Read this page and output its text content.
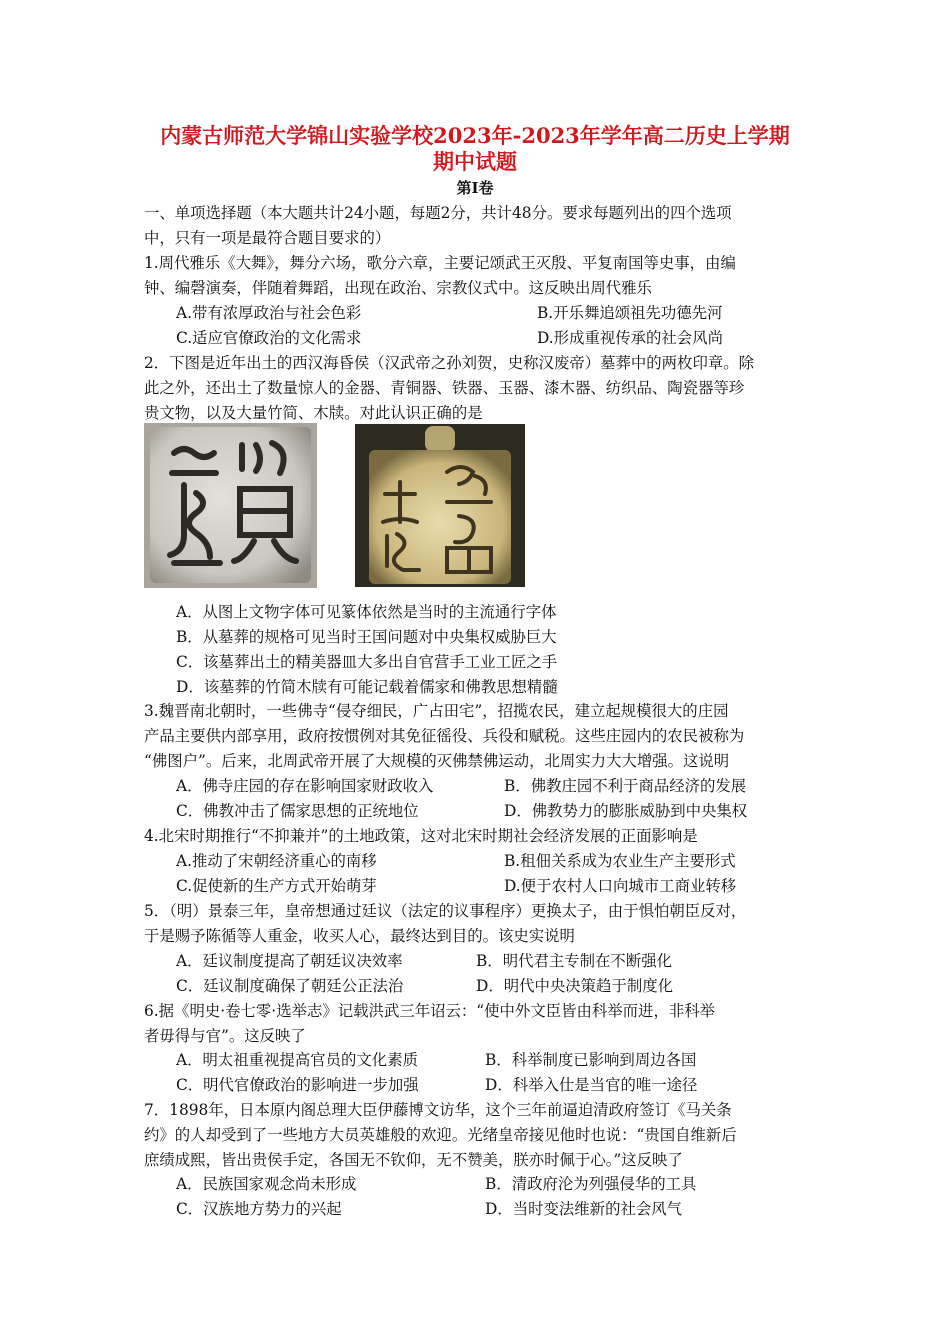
内蒙古师范大学锦山实验学校2023年-2023年学年高二历史上学期
期中试题
第Ⅰ卷
一、单项选择题（本大题共计24小题，每题2分，共计48分。要求每题列出的四个选项
中，只有一项是最符合题目要求的）
1.周代雅乐《大舞》，舞分六场，歌分六章，主要记颂武王灭殷、平复南国等史事，由编
钟、编磬演奏，伴随着舞蹈，出现在政治、宗教仪式中。这反映出周代雅乐
A.带有浓厚政治与社会色彩	B.开乐舞追颂祖先功德先河
C.适应官僚政治的文化需求	D.形成重视传承的社会风尚
2．下图是近年出土的西汉海昏侯（汉武帝之孙刘贺，史称汉废帝）墓葬中的两枚印章。除
此之外，还出土了数量惊人的金器、青铜器、铁器、玉器、漆木器、纺织品、陶瓷器等珍
贵文物，以及大量竹简、木牍。对此认识正确的是
A．从图上文物字体可见篆体依然是当时的主流通行字体
B．从墓葬的规格可见当时王国问题对中央集权威胁巨大
C．该墓葬出土的精美器皿大多出自官营手工业工匠之手
D．该墓葬的竹简木牍有可能记载着儒家和佛教思想精髓
3.魏晋南北朝时，一些佛寺“侵夺细民，广占田宅”，招揽农民，建立起规模很大的庄园
产品主要供内部享用，政府按惯例对其免征徭役、兵役和赋税。这些庄园内的农民被称为
“佛图户”。后来，北周武帝开展了大规模的灭佛禁佛运动，北周实力大大增强。这说明
A．佛寺庄园的存在影响国家财政收入	B．佛教庄园不利于商品经济的发展
C．佛教冲击了儒家思想的正统地位	D．佛教势力的膨胀威胁到中央集权
4.北宋时期推行“不抑兼并”的土地政策，这对北宋时期社会经济发展的正面影响是
A.推动了宋朝经济重心的南移	B.租佃关系成为农业生产主要形式
C.促使新的生产方式开始萌芽	D.便于农村人口向城市工商业转移
5．（明）景泰三年，皇帝想通过廷议（法定的议事程序）更换太子，由于惧怕朝臣反对，
于是赐予陈循等人重金，收买人心，最终达到目的。该史实说明
A．廷议制度提高了朝廷议决效率	B．明代君主专制在不断强化
C．廷议制度确保了朝廷公正法治	D．明代中央决策趋于制度化
6.据《明史·卷七零·选举志》记载洪武三年诏云：“使中外文臣皆由科举而进，非科举
者毋得与官”。这反映了
A．明太祖重视提高官员的文化素质	B．科举制度已影响到周边各国
C．明代官僚政治的影响进一步加强	D．科举入仕是当官的唯一途径
7．1898年，日本原内阁总理大臣伊藤博文访华，这个三年前逼迫清政府签订《马关条
约》的人却受到了一些地方大员英雄般的欢迎。光绪皇帝接见他时也说：“贵国自维新后
庶绩成熙，皆出贵侯手定，各国无不钦仰，无不赞美，朕亦时佩于心。”这反映了
A．民族国家观念尚未形成	B．清政府沦为列强侵华的工具
C．汉族地方势力的兴起	D．当时变法维新的社会风气
